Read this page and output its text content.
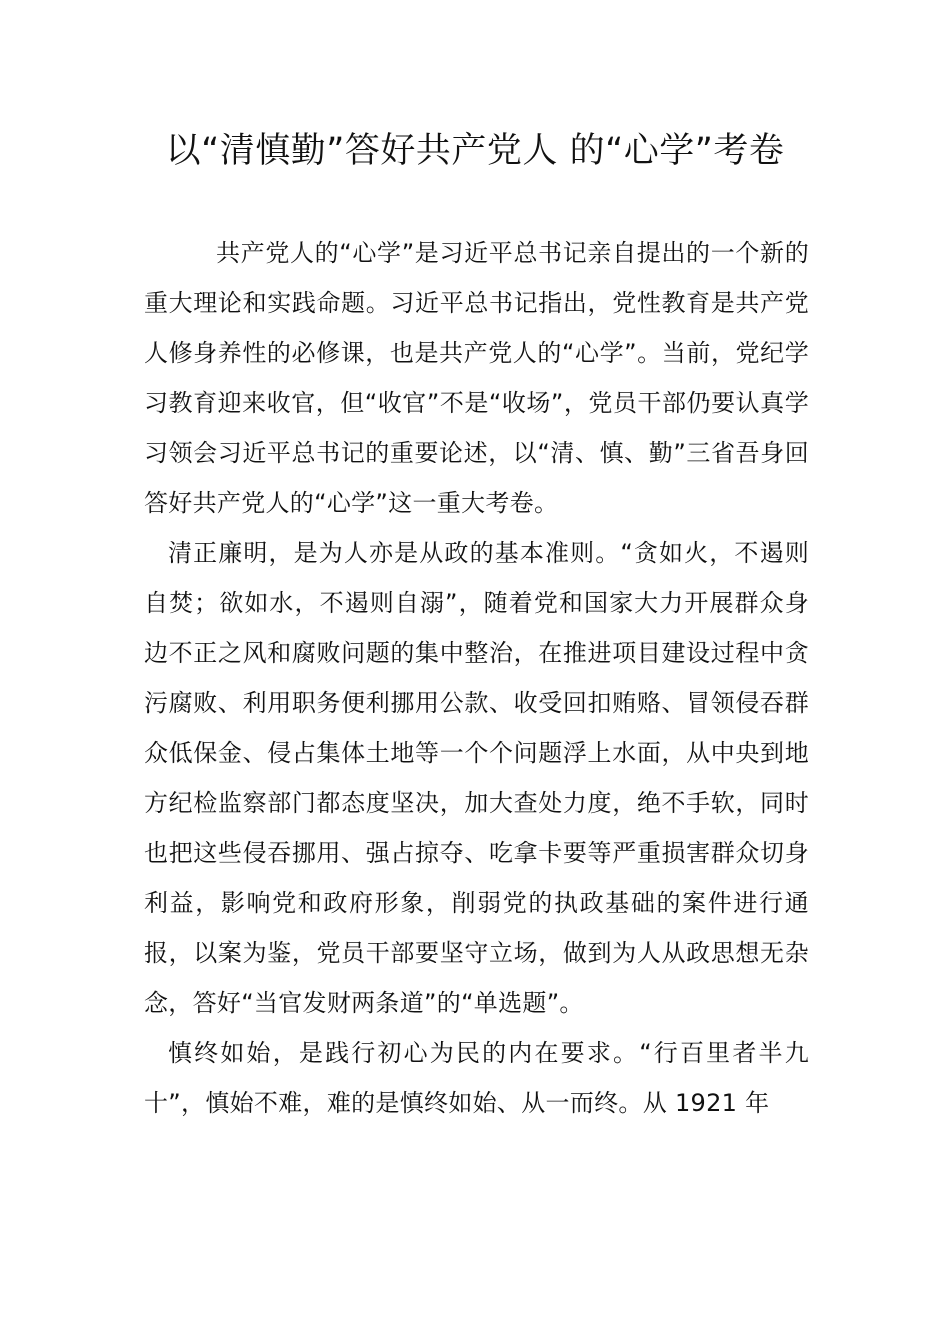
以“清慎勤”答好共产党人 的“心学”考卷

共产党人的“心学”是习近平总书记亲自提出的一个新的重大理论和实践命题。习近平总书记指出，党性教育是共产党人修身养性的必修课，也是共产党人的“心学”。当前，党纪学习教育迎来收官，但“收官”不是“收场”，党员干部仍要认真学习领会习近平总书记的重要论述，以“清、慎、勤”三省吾身回答好共产党人的“心学”这一重大考卷。

清正廉明，是为人亦是从政的基本准则。“贪如火，不遏则自焚；欲如水，不遏则自溺”，随着党和国家大力开展群众身边不正之风和腐败问题的集中整治，在推进项目建设过程中贪污腐败、利用职务便利挪用公款、收受回扣贿赂、冒领侵吞群众低保金、侵占集体土地等一个个问题浮上水面，从中央到地方纪检监察部门都态度坚决，加大查处力度，绝不手软，同时也把这些侵吞挪用、强占掠夺、吃拿卡要等严重损害群众切身利益，影响党和政府形象，削弱党的执政基础的案件进行通报，以案为鉴，党员干部要坚守立场，做到为人从政思想无杂念，答好“当官发财两条道”的“单选题”。

慎终如始，是践行初心为民的内在要求。“行百里者半九十”，慎始不难，难的是慎终如始、从一而终。从 1921 年
